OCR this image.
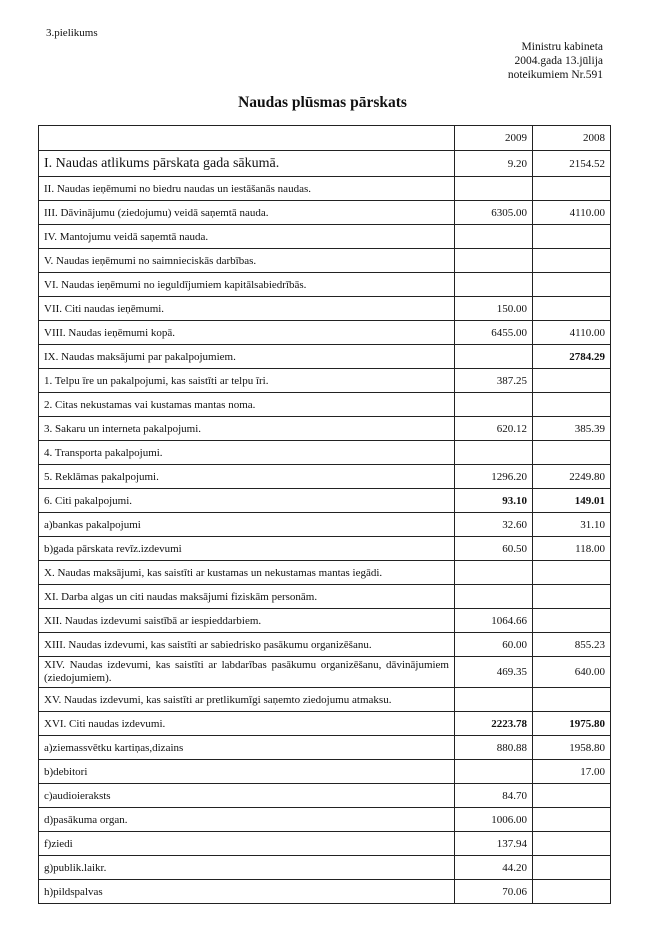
3.pielikums
Ministru kabineta
2004.gada 13.jūlija
noteikumiem Nr.591
Naudas plūsmas pārskats
	2009	2008
I. Naudas atlikums pārskata gada sākumā.	9.20	2154.52
II. Naudas ieņēmumi no biedru naudas un iestāšanās naudas.		
III. Dāvinājumu (ziedojumu) veidā saņemtā nauda.	6305.00	4110.00
IV. Mantojumu veidā saņemtā nauda.		
V. Naudas ieņēmumi no saimnieciskās darbības.		
VI. Naudas ieņēmumi no ieguldījumiem kapitālsabiedrībās.		
VII. Citi naudas ieņēmumi.	150.00	
VIII. Naudas ieņēmumi kopā.	6455.00	4110.00
IX. Naudas maksājumi par pakalpojumiem.		2784.29
1. Telpu īre un pakalpojumi, kas saistīti ar telpu īri.	387.25	
2. Citas nekustamas vai kustamas mantas noma.		
3. Sakaru un interneta pakalpojumi.	620.12	385.39
4. Transporta pakalpojumi.		
5. Reklāmas pakalpojumi.	1296.20	2249.80
6. Citi pakalpojumi.	93.10	149.01
a)bankas pakalpojumi	32.60	31.10
b)gada pārskata revīz.izdevumi	60.50	118.00
X. Naudas maksājumi, kas saistīti ar kustamas un nekustamas mantas iegādi.		
XI. Darba algas un citi naudas maksājumi fiziskām personām.		
XII. Naudas izdevumi saistībā ar iespieddarbiem.	1064.66	
XIII. Naudas izdevumi, kas saistīti ar sabiedrisko pasākumu organizēšanu.	60.00	855.23
XIV. Naudas izdevumi, kas saistīti ar labdarības pasākumu organizēšanu, dāvinājumiem (ziedojumiem).	469.35	640.00
XV. Naudas izdevumi, kas saistīti ar pretlikumīgi saņemto ziedojumu atmaksu.		
XVI. Citi naudas izdevumi.	2223.78	1975.80
a)ziemassvētku kartiņas,dizains	880.88	1958.80
b)debitori		17.00
c)audioieraksts	84.70	
d)pasākuma organ.	1006.00	
f)ziedi	137.94	
g)publik.laikr.	44.20	
h)pildspalvas	70.06	
